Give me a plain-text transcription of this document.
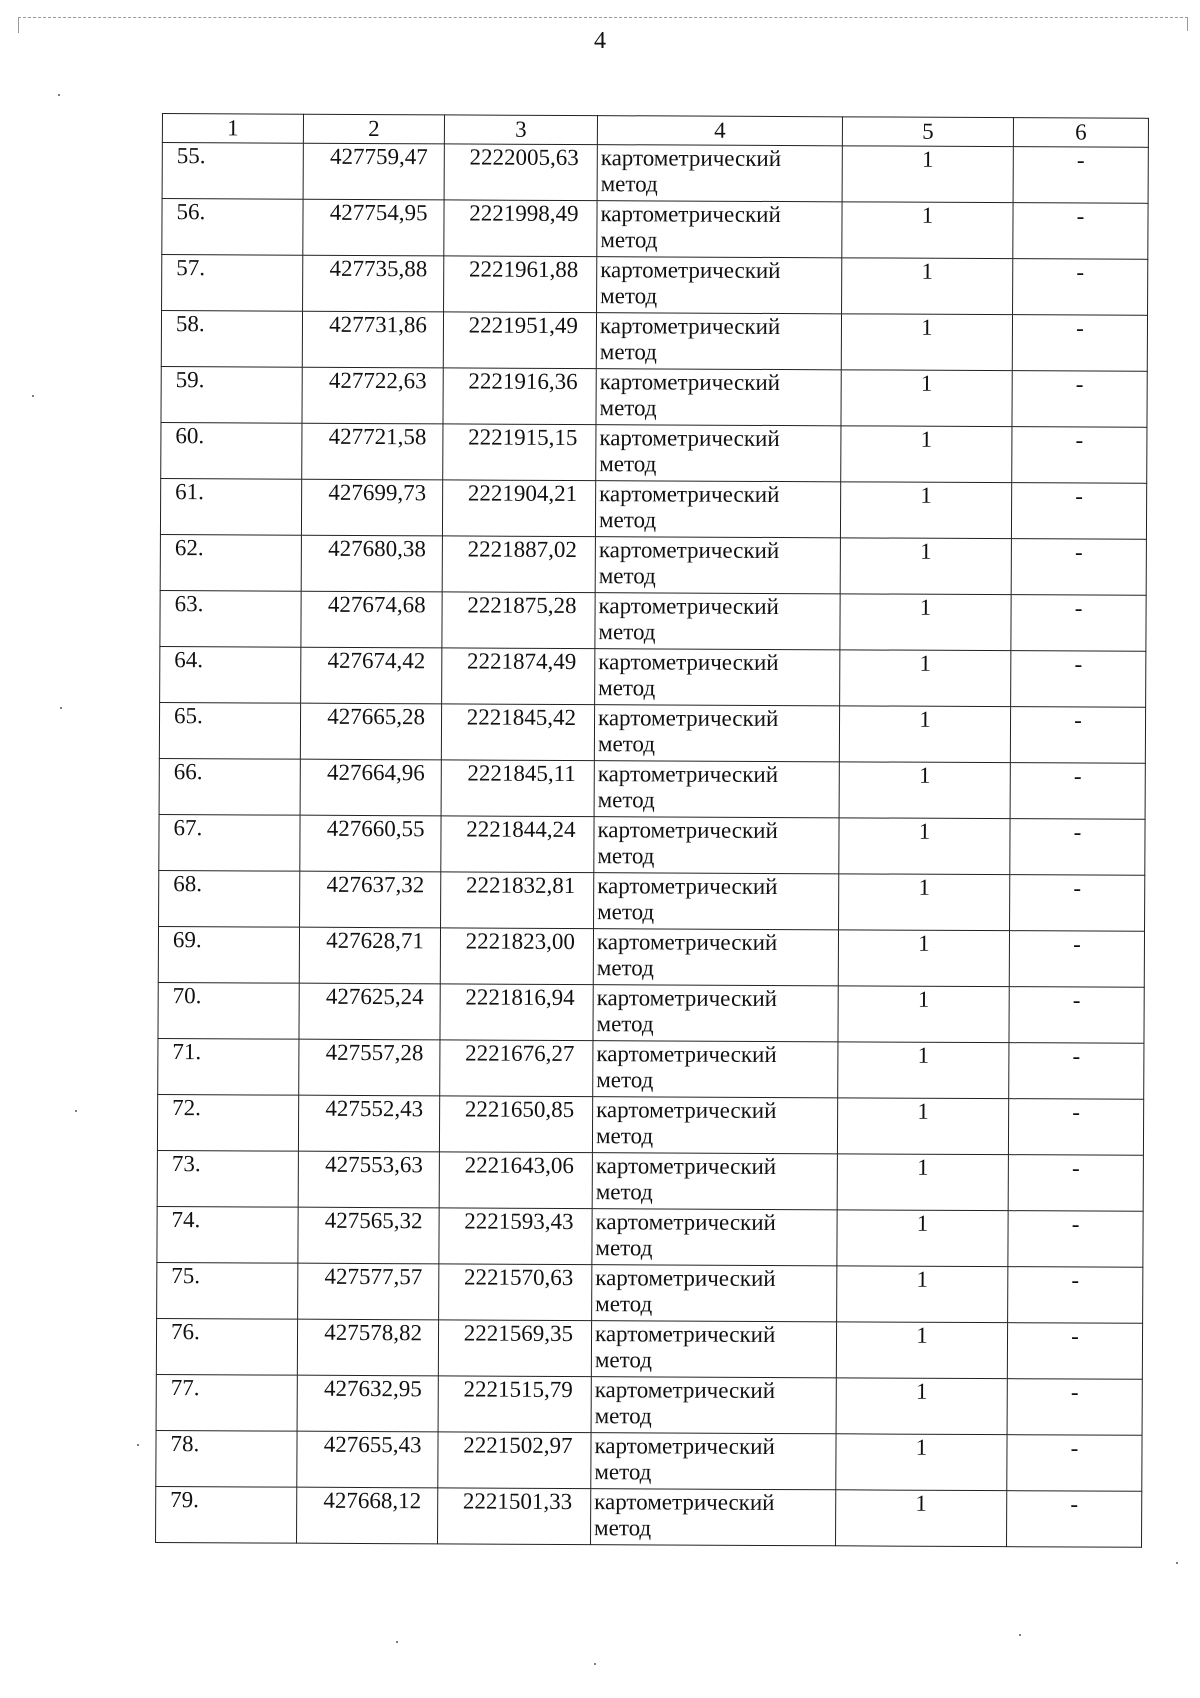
4
1	2	3	4	5	6
55.	427759,47	2222005,63	картометрический метод	1	-
56.	427754,95	2221998,49	картометрический метод	1	-
57.	427735,88	2221961,88	картометрический метод	1	-
58.	427731,86	2221951,49	картометрический метод	1	-
59.	427722,63	2221916,36	картометрический метод	1	-
60.	427721,58	2221915,15	картометрический метод	1	-
61.	427699,73	2221904,21	картометрический метод	1	-
62.	427680,38	2221887,02	картометрический метод	1	-
63.	427674,68	2221875,28	картометрический метод	1	-
64.	427674,42	2221874,49	картометрический метод	1	-
65.	427665,28	2221845,42	картометрический метод	1	-
66.	427664,96	2221845,11	картометрический метод	1	-
67.	427660,55	2221844,24	картометрический метод	1	-
68.	427637,32	2221832,81	картометрический метод	1	-
69.	427628,71	2221823,00	картометрический метод	1	-
70.	427625,24	2221816,94	картометрический метод	1	-
71.	427557,28	2221676,27	картометрический метод	1	-
72.	427552,43	2221650,85	картометрический метод	1	-
73.	427553,63	2221643,06	картометрический метод	1	-
74.	427565,32	2221593,43	картометрический метод	1	-
75.	427577,57	2221570,63	картометрический метод	1	-
76.	427578,82	2221569,35	картометрический метод	1	-
77.	427632,95	2221515,79	картометрический метод	1	-
78.	427655,43	2221502,97	картометрический метод	1	-
79.	427668,12	2221501,33	картометрический метод	1	-
